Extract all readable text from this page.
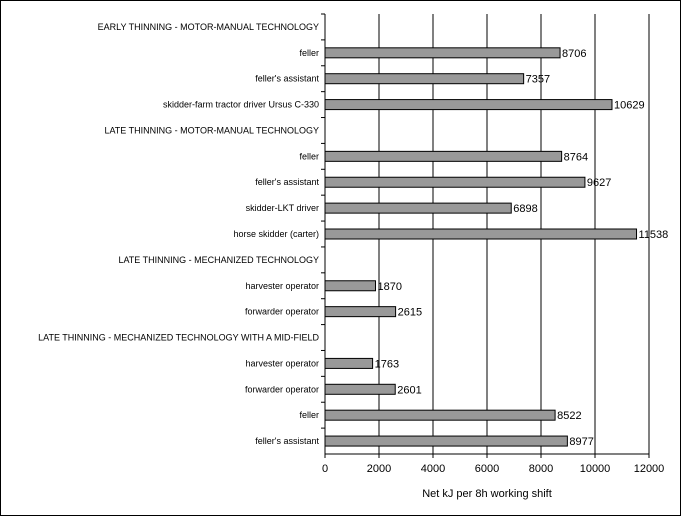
0	2000	4000	6000	8000 10000 12000
EARLY THINNING - MOTOR-MANUAL TECHNOLOGY
feller	8706
feller's assistant	7357
skidder-farm tractor driver Ursus C-330	10629
LATE THINNING - MOTOR-MANUAL TECHNOLOGY
feller	8764
feller's assistant	9627
skidder-LKT driver	6898
horse skidder (carter)	11538
LATE THINNING - MECHANIZED TECHNOLOGY
harvester operator	1870
forwarder operator	2615
LATE THINNING - MECHANIZED TECHNOLOGY WITH A MID-FIELD
harvester operator	1763
forwarder operator	2601
feller	8522
feller's assistant	8977
Net kJ per 8h working shift
